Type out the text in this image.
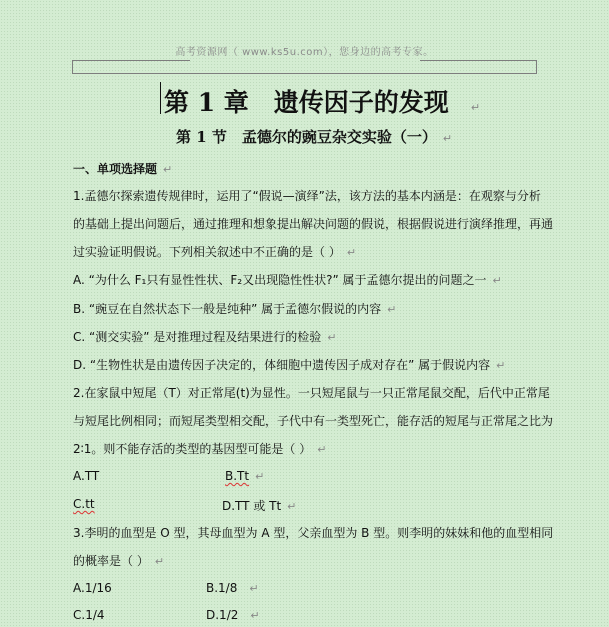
高考资源网（ www.ks5u.com），您身边的高考专家。
第 1 章　遗传因子的发现 ↵
第 1 节　孟德尔的豌豆杂交实验（一） ↵
一、单项选择题 ↵
1.孟德尔探索遗传规律时，运用了“假说—演绎”法，该方法的基本内涵是：在观察与分析
的基础上提出问题后，通过推理和想象提出解决问题的假说，根据假说进行演绎推理，再通
过实验证明假说。下列相关叙述中不正确的是（ ） ↵
A. “为什么 F₁只有显性性状、F₂又出现隐性性状?” 属于孟德尔提出的问题之一 ↵
B. “豌豆在自然状态下一般是纯种” 属于孟德尔假说的内容 ↵
C. “测交实验” 是对推理过程及结果进行的检验 ↵
D. “生物性状是由遗传因子决定的，体细胞中遗传因子成对存在” 属于假说内容 ↵
2.在家鼠中短尾（T）对正常尾(t)为显性。一只短尾鼠与一只正常尾鼠交配，后代中正常尾
与短尾比例相同；而短尾类型相交配，子代中有一类型死亡，能存活的短尾与正常尾之比为
2∶1。则不能存活的类型的基因型可能是（ ） ↵
A.TT	B.Tt ↵
C.tt	D.TT 或 Tt ↵
3.李明的血型是 O 型，其母血型为 A 型，父亲血型为 B 型。则李明的妹妹和他的血型相同
的概率是（ ） ↵
A.1/16	B.1/8 ↵
C.1/4	D.1/2 ↵
